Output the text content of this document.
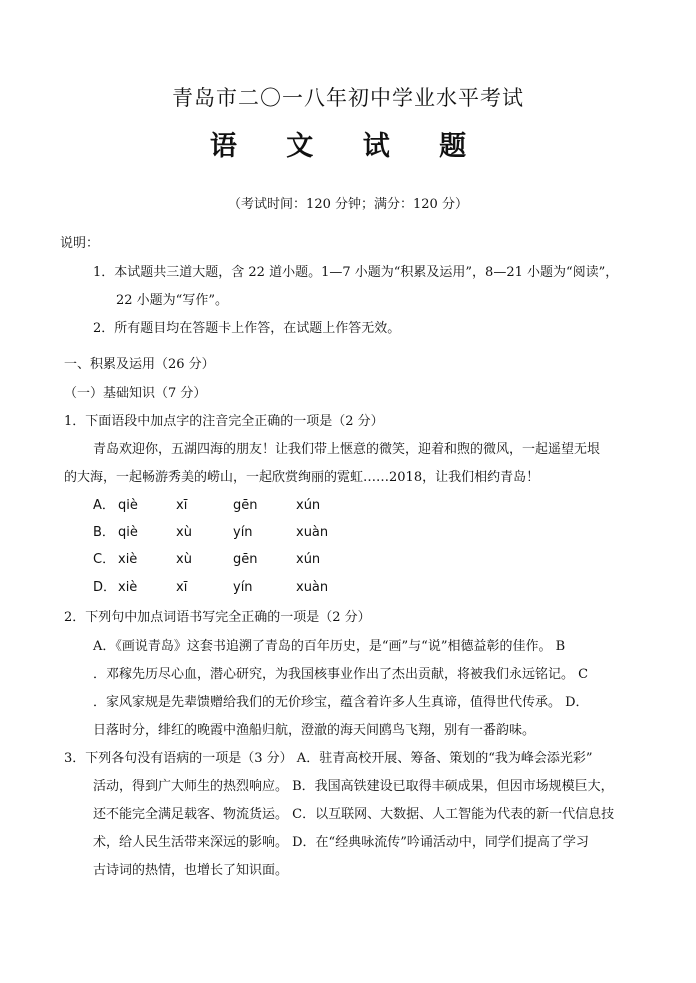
青岛市二〇一八年初中学业水平考试
语 文 试 题
（考试时间：120 分钟；满分：120 分）
说明：
1．本试题共三道大题，含 22 道小题。1—7 小题为“积累及运用”，8—21 小题为“阅读”，
22 小题为“写作”。
2．所有题目均在答题卡上作答，在试题上作答无效。
一、积累及运用（26 分）
（一）基础知识（7 分）
1．下面语段中加点字的注音完全正确的一项是（2 分）
青岛欢迎你，五湖四海的朋友！让我们带上惬意的微笑，迎着和煦的微风，一起遥望无垠
的大海，一起畅游秀美的崂山，一起欣赏绚丽的霓虹……2018，让我们相约青岛！
A． qiè	xī	gēn	xún
B． qiè	xù	yín	xuàn
C． xiè	xù	gēn	xún
D． xiè	xī	yín	xuàn
2．下列句中加点词语书写完全正确的一项是（2 分）
A．《画说青岛》这套书追溯了青岛的百年历史，是“画”与“说”相德益彰的佳作。 B
．邓稼先历尽心血，潜心研究，为我国核事业作出了杰出贡献，将被我们永远铭记。 C
．家风家规是先辈馈赠给我们的无价珍宝，蕴含着许多人生真谛，值得世代传承。 D．
日落时分，绯红的晚霞中渔船归航，澄澈的海天间鸥鸟飞翔，别有一番韵味。
3．下列各句没有语病的一项是（3 分） A．驻青高校开展、筹备、策划的“我为峰会添光彩”
活动，得到广大师生的热烈响应。 B．我国高铁建设已取得丰硕成果，但因市场规模巨大，
还不能完全满足载客、物流货运。 C．以互联网、大数据、人工智能为代表的新一代信息技
术，给人民生活带来深远的影响。 D．在“经典咏流传”吟诵活动中，同学们提高了学习
古诗词的热情，也增长了知识面。
